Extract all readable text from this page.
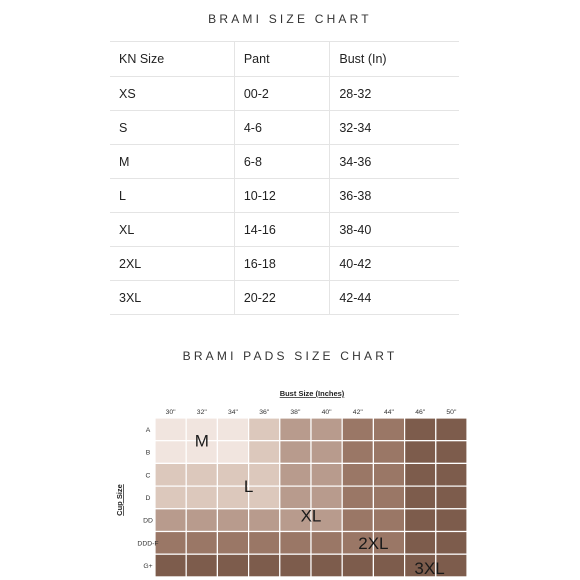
BRAMI SIZE CHART
KN Size	Pant	Bust (In)
XS	00-2	28-32
S	4-6	32-34
M	6-8	34-36
L	10-12	36-38
XL	14-16	38-40
2XL	16-18	40-42
3XL	20-22	42-44
BRAMI PADS SIZE CHART
Bust Size (Inches)
30"	32"	34"	36"	38"	40"	42"	44"	46"	50"
A
B
C
D
DD
DDD-F
G+
Cup Size
M
L
XL
2XL
3XL
